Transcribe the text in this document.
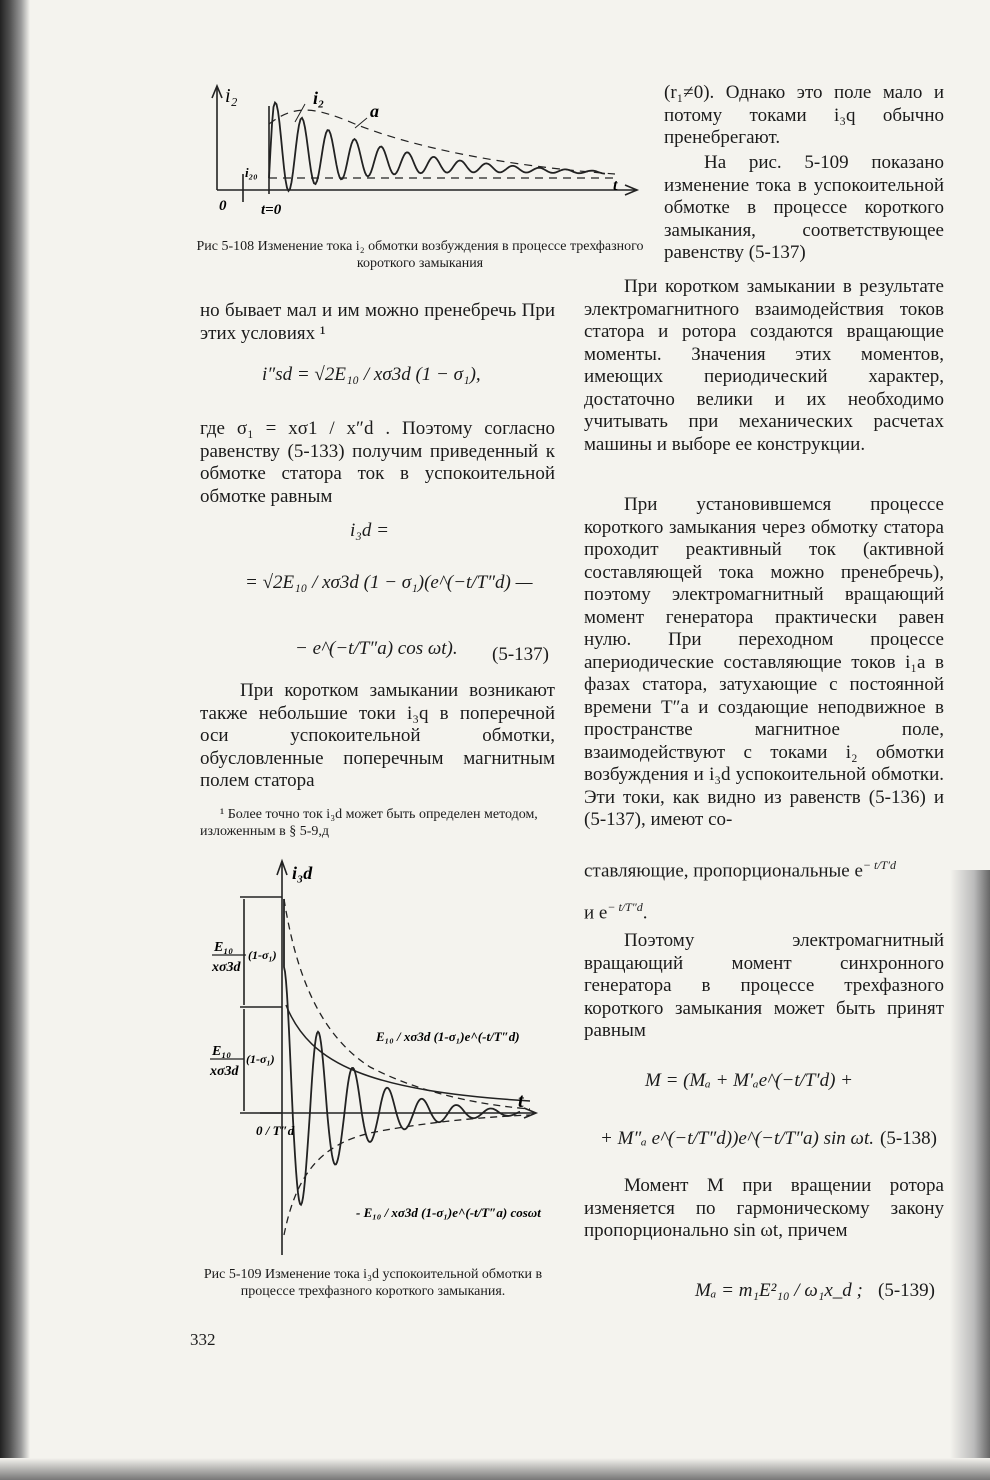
i₂	i₂
a
i₂₀
0 t=0
t

Рис 5-108 Изменение тока i₂ обмотки возбуждения в процессе трехфазного короткого замыкания

но бывает мал и им можно пренебречь При этих условиях ¹

i″sd = √2E₁₀ / xσ3d (1 − σ₁),

где σ₁ = xσ1 / x″d . Поэтому согласно равенству (5-133) получим приведенный к обмотке статора ток в успокоительной обмотке равным

i₃d =
= √2E₁₀ / xσ3d (1 − σ₁)(e^(−t/T″d) —
− e^(−t/T″a) cos ωt). (5-137)

При коротком замыкании возникают также небольшие токи i₃q в поперечной оси успокоительной обмотки, обусловленные поперечным магнитным полем статора

¹ Более точно ток i₃d может быть определен методом, изложенным в § 5-9,д

i₃d
t
E₁₀
xσ3d
(1-σ₁)
E₁₀
xσ3d
(1-σ₁)
E₁₀ / xσ3d (1-σ₁)e^(-t/T″d)
- E₁₀ / xσ3d (1-σ₁)e^(-t/T″a) cosωt
0 / T″d

Рис 5-109 Изменение тока i₃d успокоительной обмотки в процессе трехфазного короткого замыкания.

332

(r₁≠0). Однако это поле мало и потому токами i₃q обычно пренебрегают.

На рис. 5-109 показано изменение тока в успокоительной обмотке в процессе короткого замыкания, соответствующее равенству (5-137)

При коротком замыкании в результате электромагнитного взаимодействия токов статора и ротора создаются вращающие моменты. Значения этих моментов, имеющих периодический характер, достаточно велики и их необходимо учитывать при механических расчетах машины и выборе ее конструкции.

При установившемся процессе короткого замыкания через обмотку статора проходит реактивный ток (активной составляющей тока можно пренебречь), поэтому электромагнитный вращающий момент генератора практически равен нулю. При переходном процессе апериодические составляющие токов i₁a в фазах статора, затухающие с постоянной времени T″a и создающие неподвижное в пространстве магнитное поле, взаимодействуют с токами i₂ обмотки возбуждения и i₃d успокоительной обмотки. Эти токи, как видно из равенств (5-136) и (5-137), имеют со-

ставляющие, пропорциональные $e^{- t/T'd}$
и $e^{- t/T''d}$.

Поэтому электромагнитный вращающий момент синхронного генератора в процессе трехфазного короткого замыкания может быть принят равным

M = (Mₐ + M′ₐe^(−t/T′d) +
+ M″ₐ e^(−t/T″d))e^(−t/T″a) sin ωt. (5-138)

Момент M при вращении ротора изменяется по гармоническому закону пропорционально sin ωt, причем

Mₐ = m₁E²₁₀ / ω₁x_d ; (5-139)
